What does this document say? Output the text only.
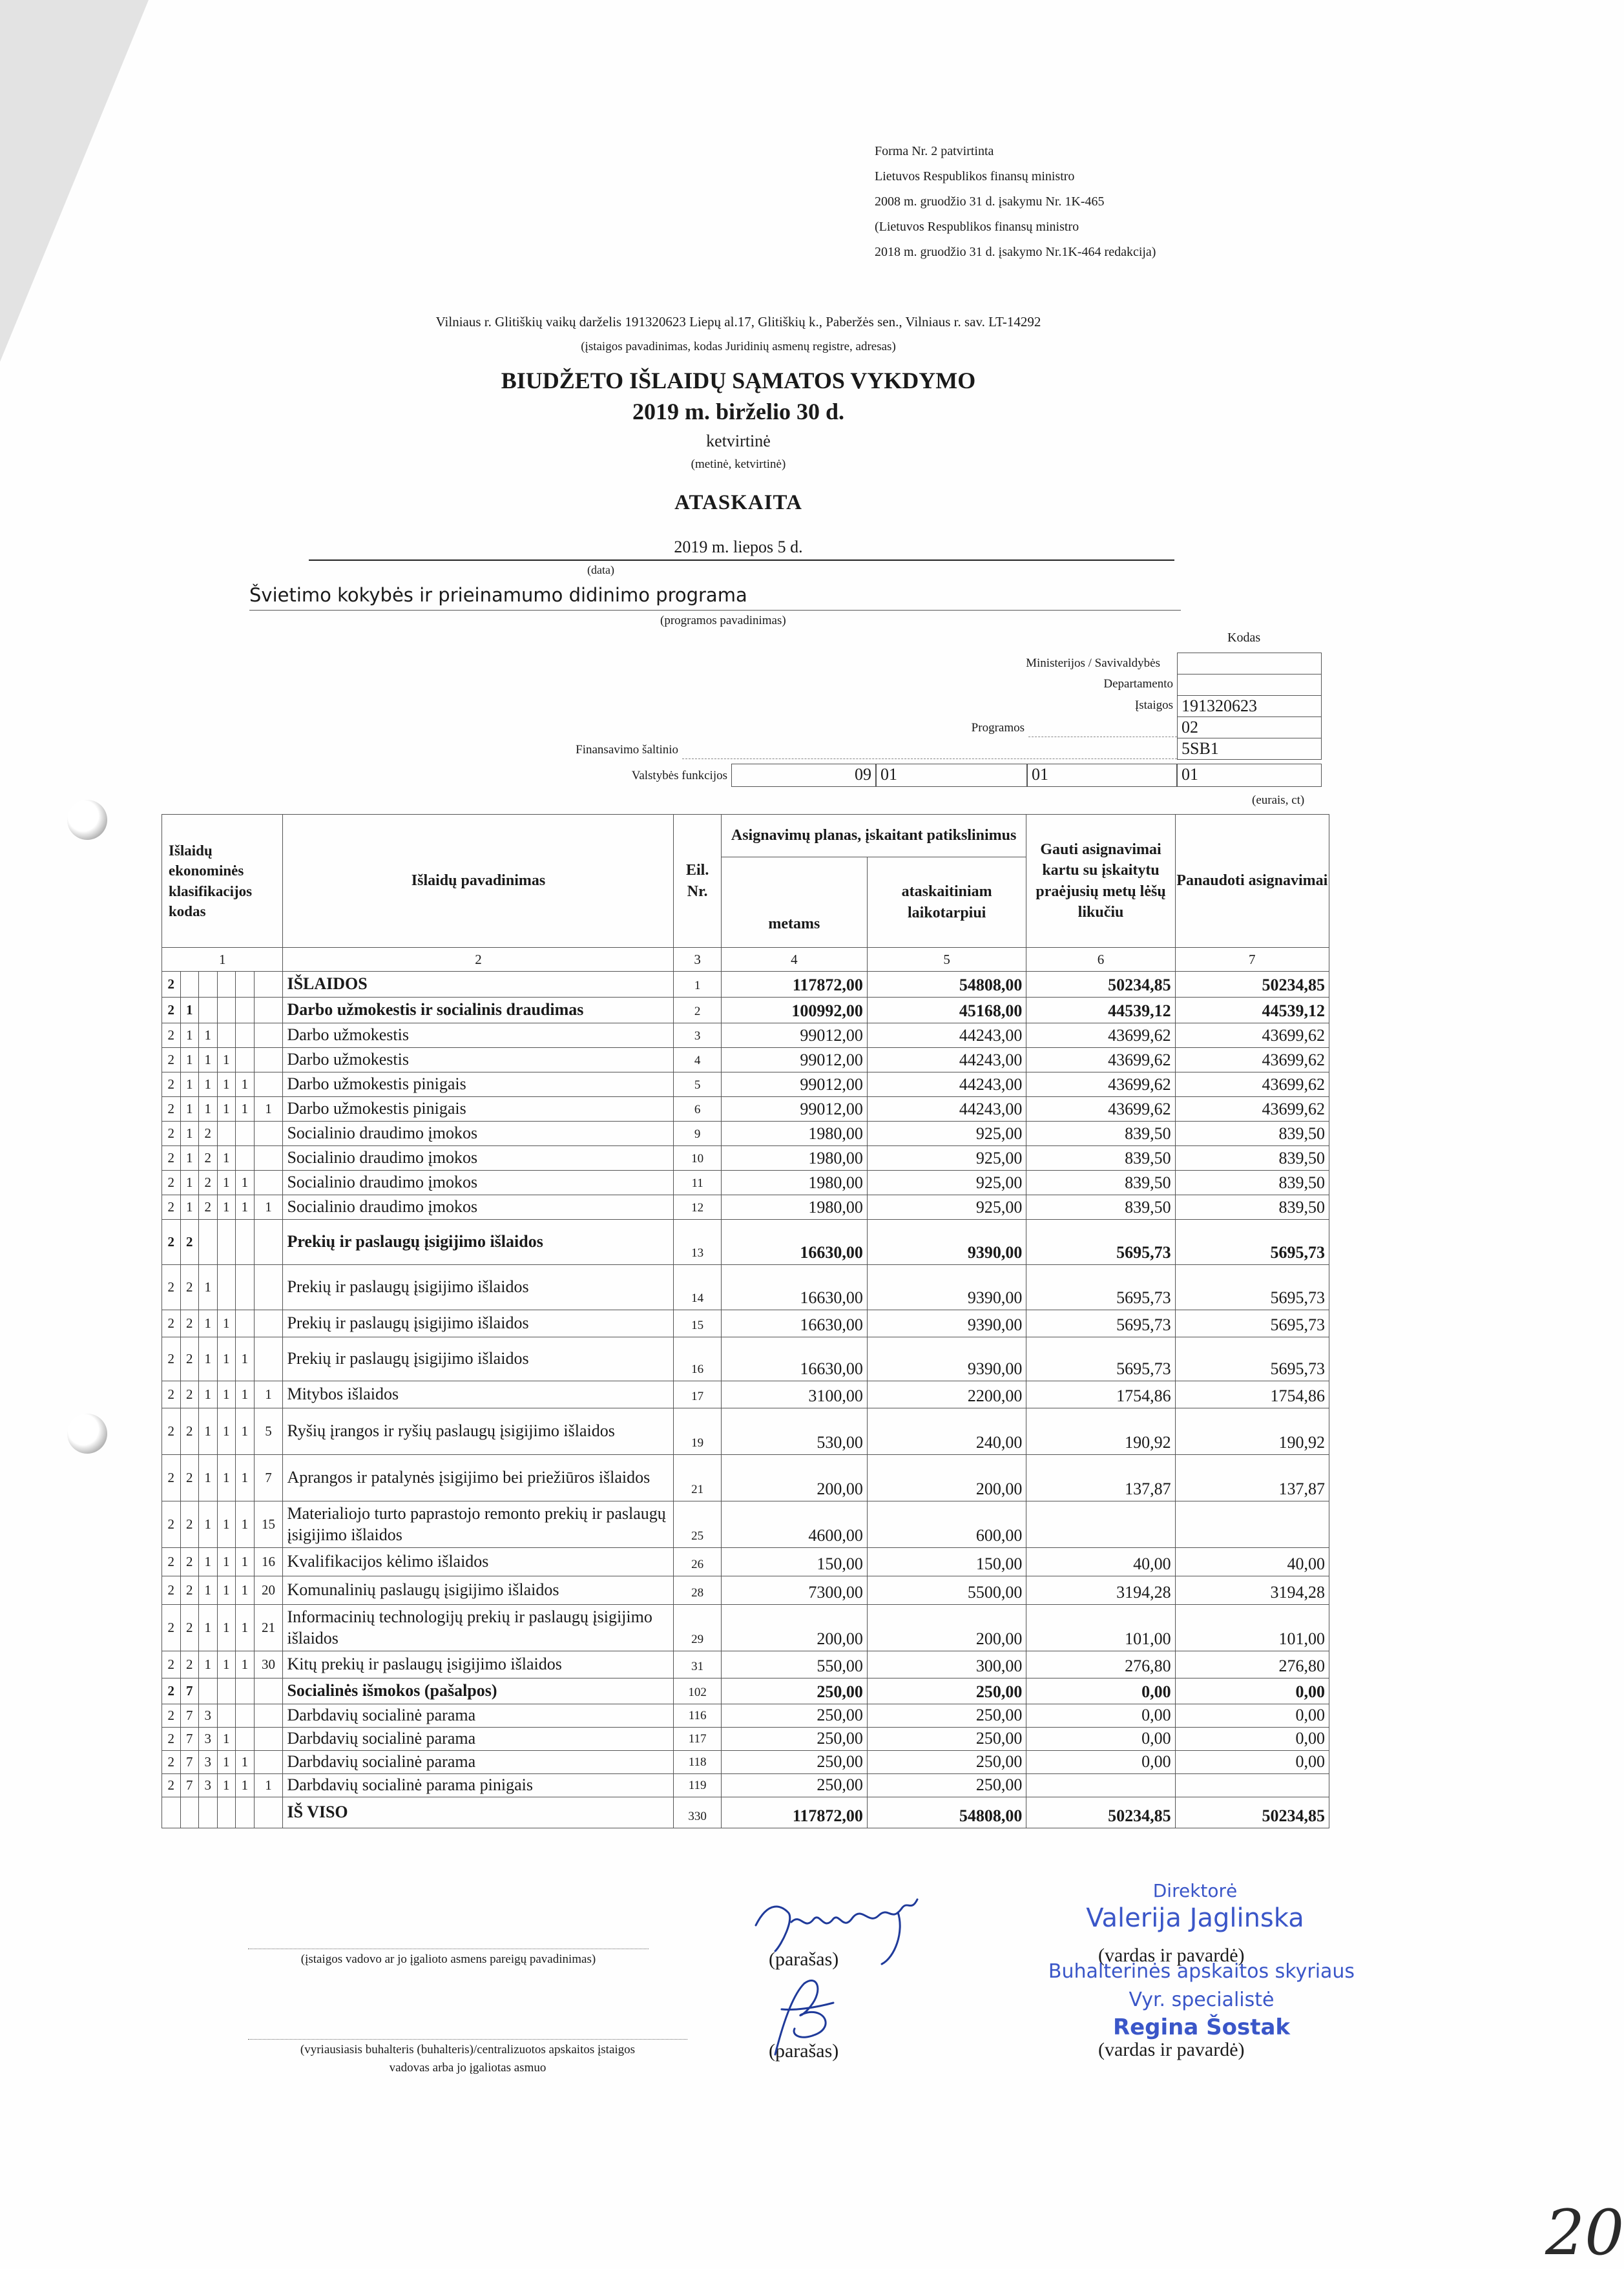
Forma Nr. 2 patvirtinta
Lietuvos Respublikos finansų ministro
2008 m. gruodžio 31 d. įsakymu Nr. 1K-465
(Lietuvos Respublikos finansų ministro
2018 m. gruodžio 31 d. įsakymo Nr.1K-464 redakcija)
Vilniaus r. Glitiškių vaikų darželis 191320623 Liepų al.17, Glitiškių k., Paberžės sen., Vilniaus r. sav. LT-14292
(įstaigos pavadinimas, kodas Juridinių asmenų registre, adresas)
BIUDŽETO IŠLAIDŲ SĄMATOS VYKDYMO
2019 m. birželio 30 d.
ketvirtinė
(metinė, ketvirtinė)
ATASKAITA
2019 m. liepos 5 d.
(data)
Švietimo kokybės ir prieinamumo didinimo programa
(programos pavadinimas)
Kodas
Ministerijos / Savivaldybės
Departamento
Įstaigos 191320623
Programos	02
Finansavimo šaltinio	5SB1
Valstybės funkcijos	09 01	01	01
(eurais, ct)
Išlaidų ekonominės klasifikacijos kodas						Išlaidų pavadinimas	Eil. Nr.	Asignavimų planas, įskaitant patikslinimus		Gauti asignavimai kartu su įskaitytu praėjusių metų lėšų likučiu	Panaudoti asignavimai
								metams	ataskaitiniam laikotarpiui		
1						2	3	4	5	6	7
2						IŠLAIDOS	1	117872,00	54808,00	50234,85	50234,85
2	1					Darbo užmokestis ir socialinis draudimas	2	100992,00	45168,00	44539,12	44539,12
2	1	1				Darbo užmokestis	3	99012,00	44243,00	43699,62	43699,62
2	1	1	1			Darbo užmokestis	4	99012,00	44243,00	43699,62	43699,62
2	1	1	1	1		Darbo užmokestis pinigais	5	99012,00	44243,00	43699,62	43699,62
2	1	1	1	1	1	Darbo užmokestis pinigais	6	99012,00	44243,00	43699,62	43699,62
2	1	2				Socialinio draudimo įmokos	9	1980,00	925,00	839,50	839,50
2	1	2	1			Socialinio draudimo įmokos	10	1980,00	925,00	839,50	839,50
2	1	2	1	1		Socialinio draudimo įmokos	11	1980,00	925,00	839,50	839,50
2	1	2	1	1	1	Socialinio draudimo įmokos	12	1980,00	925,00	839,50	839,50
2	2					Prekių ir paslaugų įsigijimo išlaidos	13	16630,00	9390,00	5695,73	5695,73
2	2	1				Prekių ir paslaugų įsigijimo išlaidos	14	16630,00	9390,00	5695,73	5695,73
2	2	1	1			Prekių ir paslaugų įsigijimo išlaidos	15	16630,00	9390,00	5695,73	5695,73
2	2	1	1	1		Prekių ir paslaugų įsigijimo išlaidos	16	16630,00	9390,00	5695,73	5695,73
2	2	1	1	1	1	Mitybos išlaidos	17	3100,00	2200,00	1754,86	1754,86
2	2	1	1	1	5	Ryšių įrangos ir ryšių paslaugų įsigijimo išlaidos	19	530,00	240,00	190,92	190,92
2	2	1	1	1	7	Aprangos ir patalynės įsigijimo bei priežiūros išlaidos	21	200,00	200,00	137,87	137,87
2	2	1	1	1	15	Materialiojo turto paprastojo remonto prekių ir paslaugų įsigijimo išlaidos	25	4600,00	600,00		
2	2	1	1	1	16	Kvalifikacijos kėlimo išlaidos	26	150,00	150,00	40,00	40,00
2	2	1	1	1	20	Komunalinių paslaugų įsigijimo išlaidos	28	7300,00	5500,00	3194,28	3194,28
2	2	1	1	1	21	Informacinių technologijų prekių ir paslaugų įsigijimo išlaidos	29	200,00	200,00	101,00	101,00
2	2	1	1	1	30	Kitų prekių ir paslaugų įsigijimo išlaidos	31	550,00	300,00	276,80	276,80
2	7					Socialinės išmokos (pašalpos)	102	250,00	250,00	0,00	0,00
2	7	3				Darbdavių socialinė parama	116	250,00	250,00	0,00	0,00
2	7	3	1			Darbdavių socialinė parama	117	250,00	250,00	0,00	0,00
2	7	3	1	1		Darbdavių socialinė parama	118	250,00	250,00	0,00	0,00
2	7	3	1	1	1	Darbdavių socialinė parama pinigais	119	250,00	250,00		
						IŠ VISO	330	117872,00	54808,00	50234,85	50234,85
(įstaigos vadovo ar jo įgalioto asmens pareigų pavadinimas)	(parašas)	(vardas ir pavardė)
(vyriausiasis buhalteris (buhalteris)/centralizuotos apskaitos įstaigos
vadovas arba jo įgaliotas asmuo
(parašas)	(vardas ir pavardė)
Direktorė
Valerija Jaglinska
Buhalterinės apskaitos skyriaus
Vyr. specialistė
Regina Šostak
20
